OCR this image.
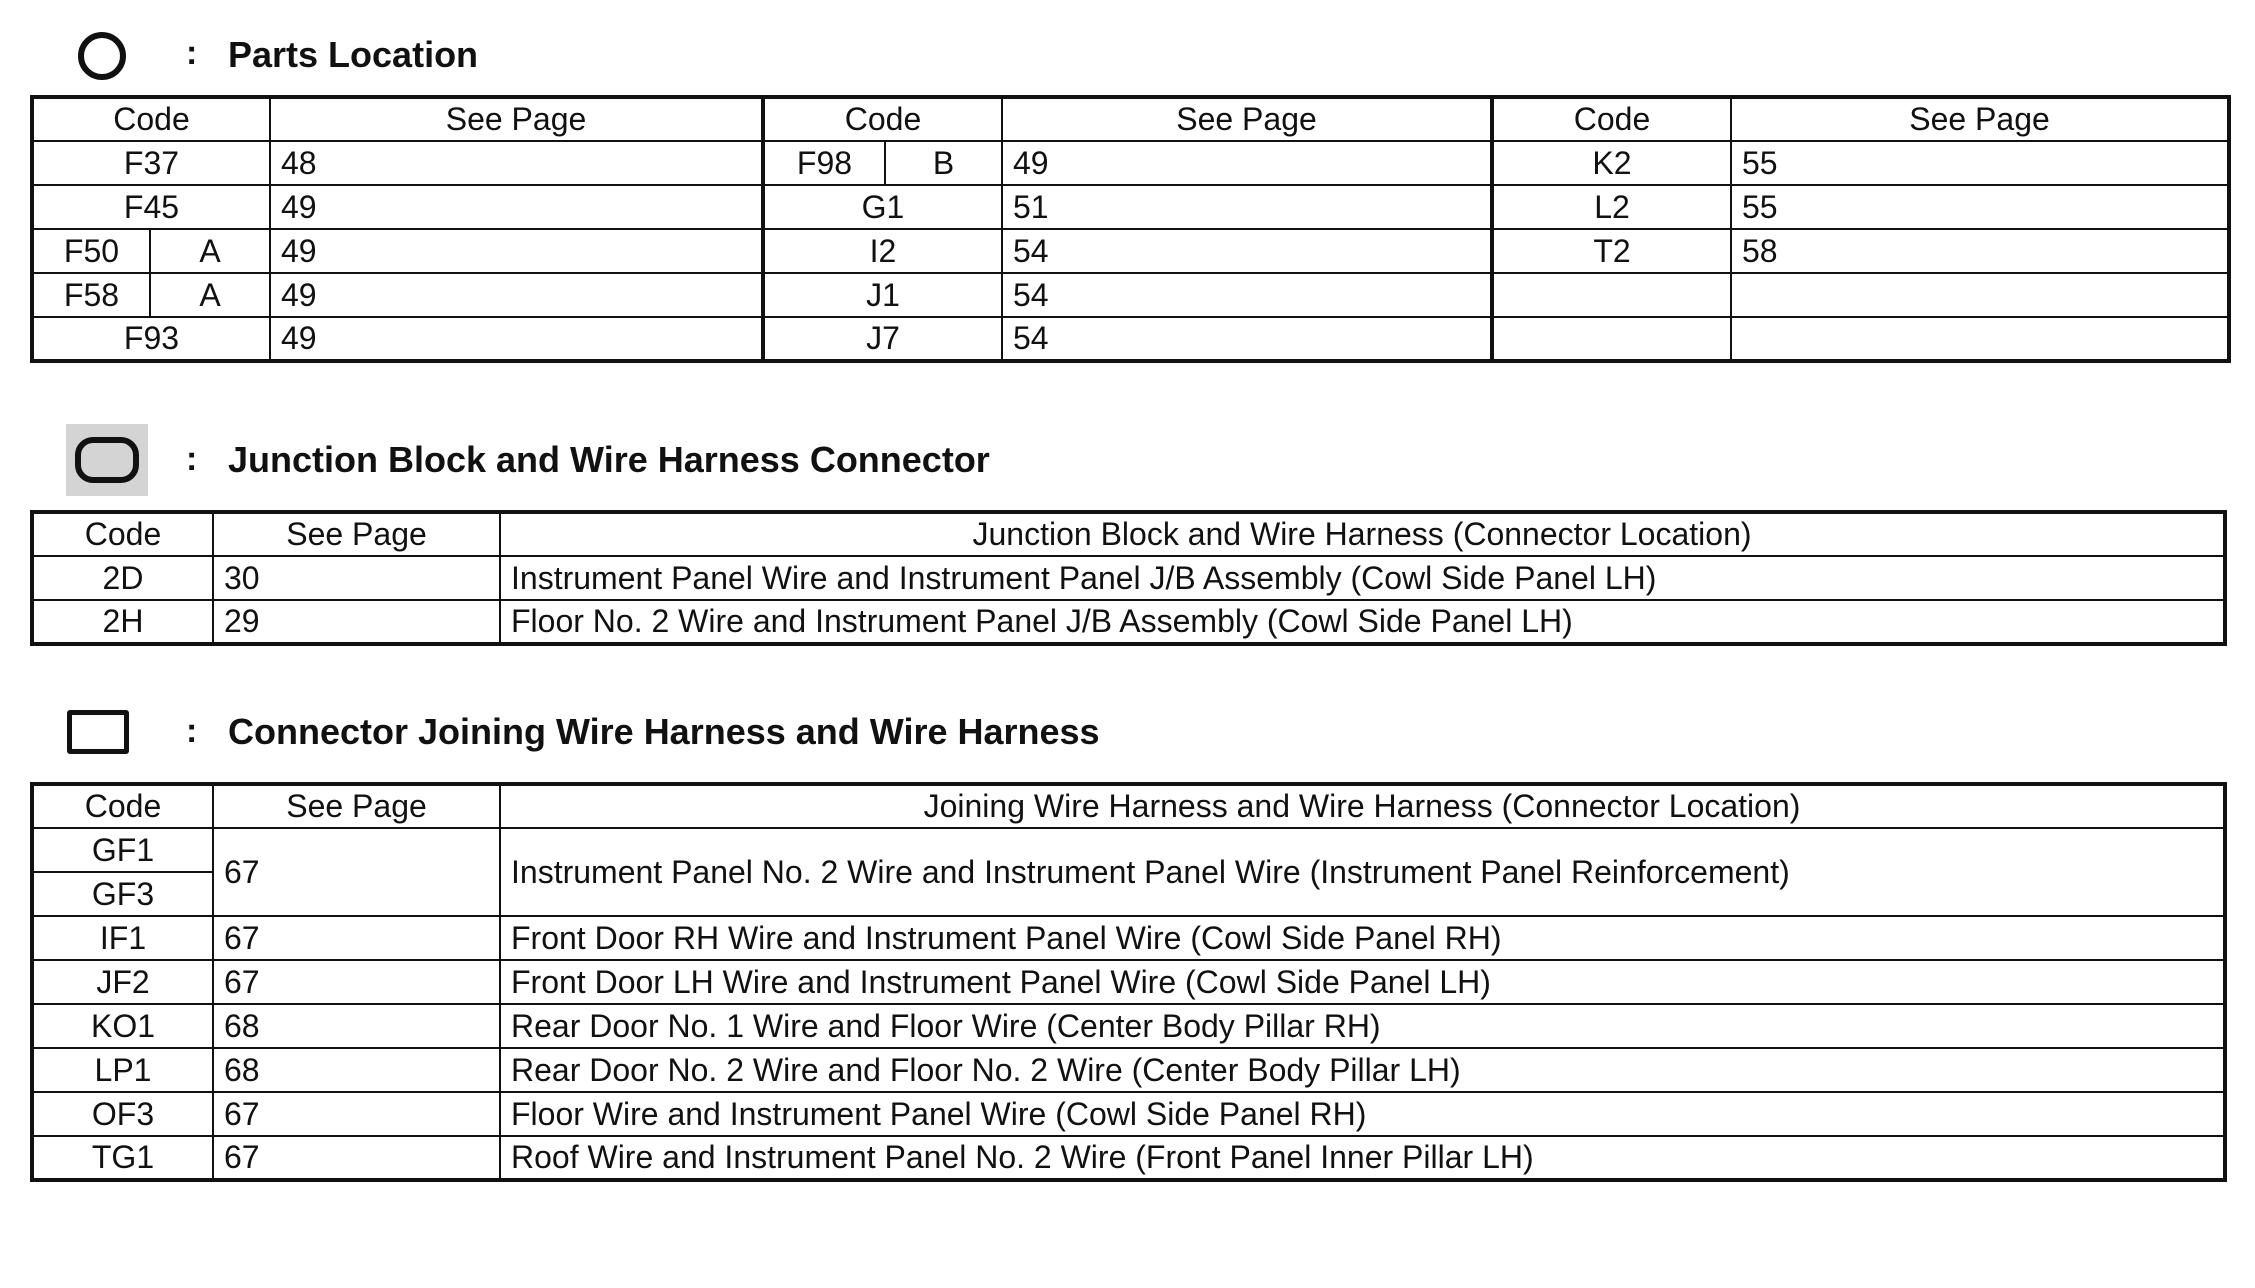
: Parts Location
Code		See Page	Code		See Page	Code	See Page
F37		48	F98	B	49	K2	55
F45		49	G1		51	L2	55
F50	A	49	I2		54	T2	58
F58	A	49	J1		54		
F93		49	J7		54		
: Junction Block and Wire Harness Connector
Code	See Page	Junction Block and Wire Harness (Connector Location)
2D	30	Instrument Panel Wire and Instrument Panel J/B Assembly (Cowl Side Panel LH)
2H	29	Floor No. 2 Wire and Instrument Panel J/B Assembly (Cowl Side Panel LH)
: Connector Joining Wire Harness and Wire Harness
Code	See Page	Joining Wire Harness and Wire Harness (Connector Location)
GF1	67	Instrument Panel No. 2 Wire and Instrument Panel Wire (Instrument Panel Reinforcement)
GF3		
IF1	67	Front Door RH Wire and Instrument Panel Wire (Cowl Side Panel RH)
JF2	67	Front Door LH Wire and Instrument Panel Wire (Cowl Side Panel LH)
KO1	68	Rear Door No. 1 Wire and Floor Wire (Center Body Pillar RH)
LP1	68	Rear Door No. 2 Wire and Floor No. 2 Wire (Center Body Pillar LH)
OF3	67	Floor Wire and Instrument Panel Wire (Cowl Side Panel RH)
TG1	67	Roof Wire and Instrument Panel No. 2 Wire (Front Panel Inner Pillar LH)
